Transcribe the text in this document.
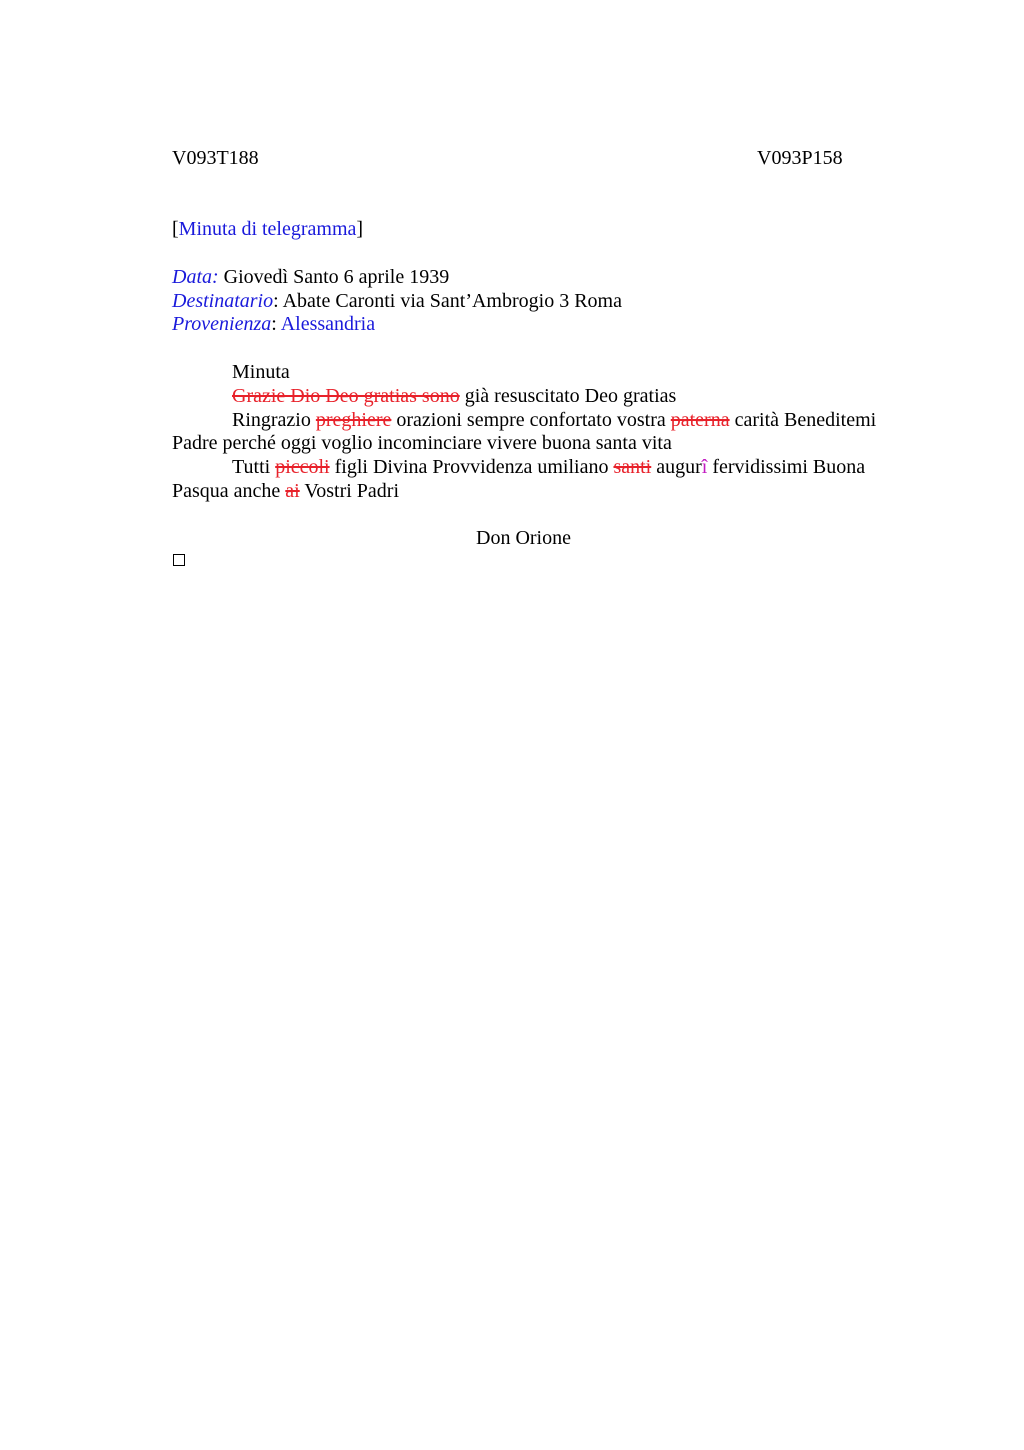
V093T188	V093P158
[Minuta di telegramma]
Data: Giovedì Santo 6 aprile 1939
Destinatario: Abate Caronti via Sant’Ambrogio 3 Roma
Provenienza: Alessandria
Minuta
Grazie Dio Deo gratias sono già resuscitato Deo gratias
Ringrazio preghiere orazioni sempre confortato vostra paterna carità Beneditemi
Padre perché oggi voglio incominciare vivere buona santa vita
Tutti piccoli figli Divina Provvidenza umiliano santi augurî fervidissimi Buona
Pasqua anche ai Vostri Padri
Don Orione
